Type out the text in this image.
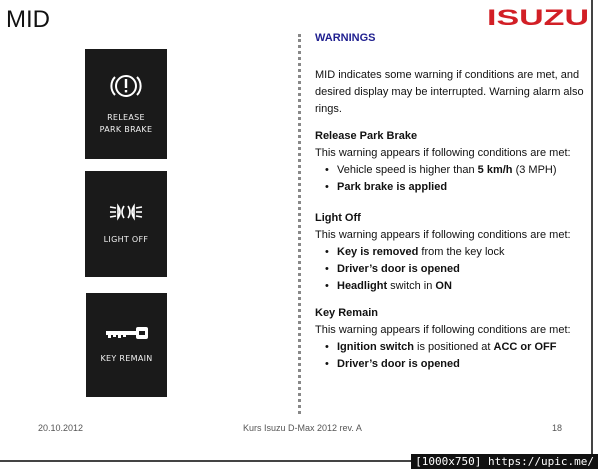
MID	ISUZU
RELEASE
PARK BRAKE
LIGHT OFF
KEY REMAIN
WARNINGS

MID indicates some warning if conditions are met, and desired display may be interrupted. Warning alarm also rings.

Release Park Brake

This warning appears if following conditions are met:

• Vehicle speed is higher than 5 km/h (3 MPH)
• Park brake is applied
Light Off

This warning appears if following conditions are met:

• Key is removed from the key lock
• Driver’s door is opened
• Headlight switch in ON
Key Remain

This warning appears if following conditions are met:

• Ignition switch is positioned at ACC or OFF
• Driver’s door is opened
20.10.2012	Kurs Isuzu D-Max 2012 rev. A	18
[1000x750] https://upic.me/
